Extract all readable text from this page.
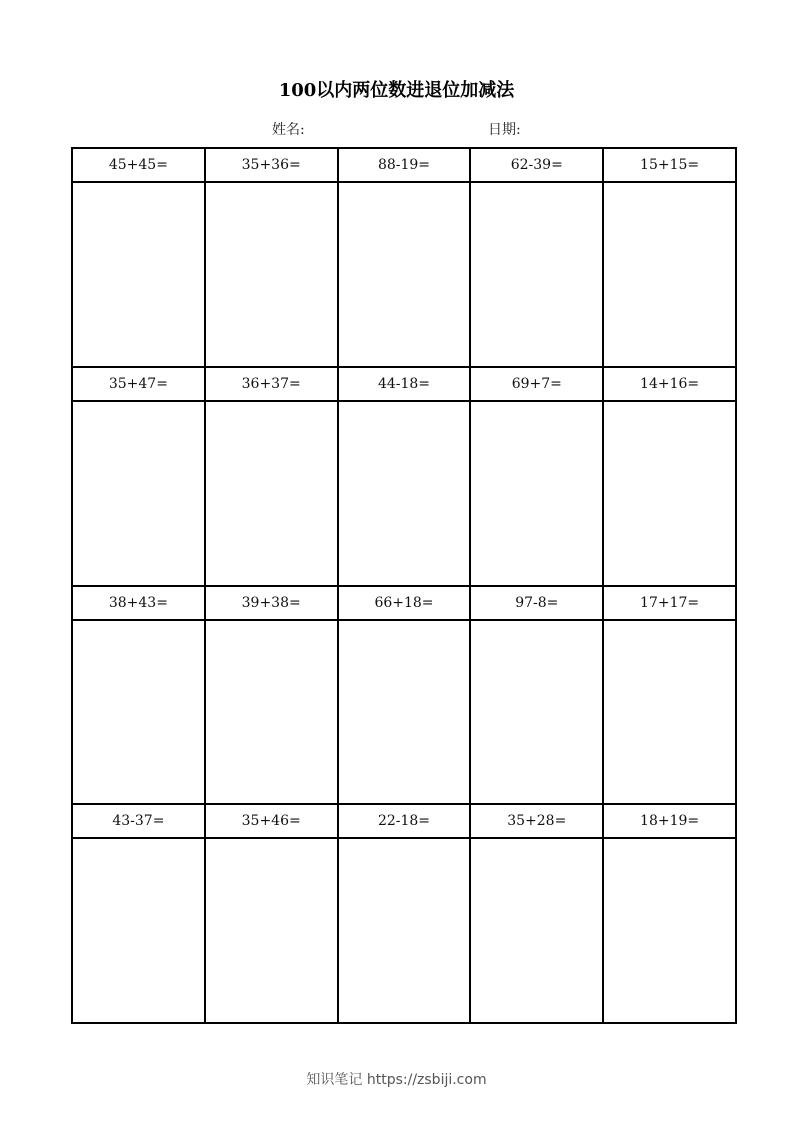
100以内两位数进退位加减法
姓名:	日期:
45+45=	35+36=	88-19=	62-39=	15+15=
35+47=	36+37=	44-18=	69+7=	14+16=
38+43=	39+38=	66+18=	97-8=	17+17=
43-37=	35+46=	22-18=	35+28=	18+19=
知识笔记 https://zsbiji.com
